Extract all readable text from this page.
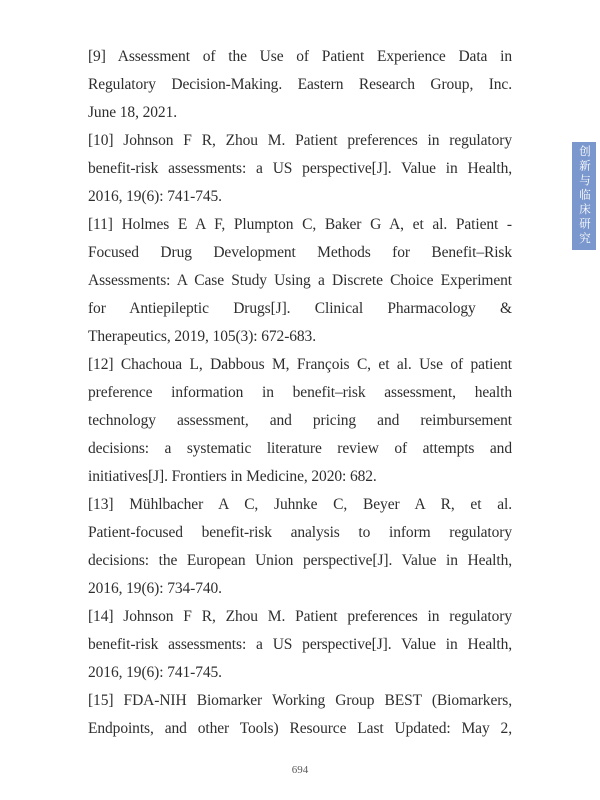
[9] Assessment of the Use of Patient Experience Data in
Regulatory Decision-Making. Eastern Research Group, Inc.
June 18, 2021.
[10] Johnson F R, Zhou M. Patient preferences in regulatory
benefit-risk assessments: a US perspective[J]. Value in Health,
2016, 19(6): 741-745.
[11] Holmes E A F, Plumpton C, Baker G A, et al. Patient ‐
Focused Drug Development Methods for Benefit–Risk
Assessments: A Case Study Using a Discrete Choice Experiment
for Antiepileptic Drugs[J]. Clinical Pharmacology &
Therapeutics, 2019, 105(3): 672-683.
[12] Chachoua L, Dabbous M, François C, et al. Use of patient
preference information in benefit–risk assessment, health
technology assessment, and pricing and reimbursement
decisions: a systematic literature review of attempts and
initiatives[J]. Frontiers in Medicine, 2020: 682.
[13] Mühlbacher A C, Juhnke C, Beyer A R, et al.
Patient-focused benefit-risk analysis to inform regulatory
decisions: the European Union perspective[J]. Value in Health,
2016, 19(6): 734-740.
[14] Johnson F R, Zhou M. Patient preferences in regulatory
benefit-risk assessments: a US perspective[J]. Value in Health,
2016, 19(6): 741-745.
[15] FDA-NIH Biomarker Working Group BEST (Biomarkers,
Endpoints, and other Tools) Resource Last Updated: May 2,
创新与临床研究
694
